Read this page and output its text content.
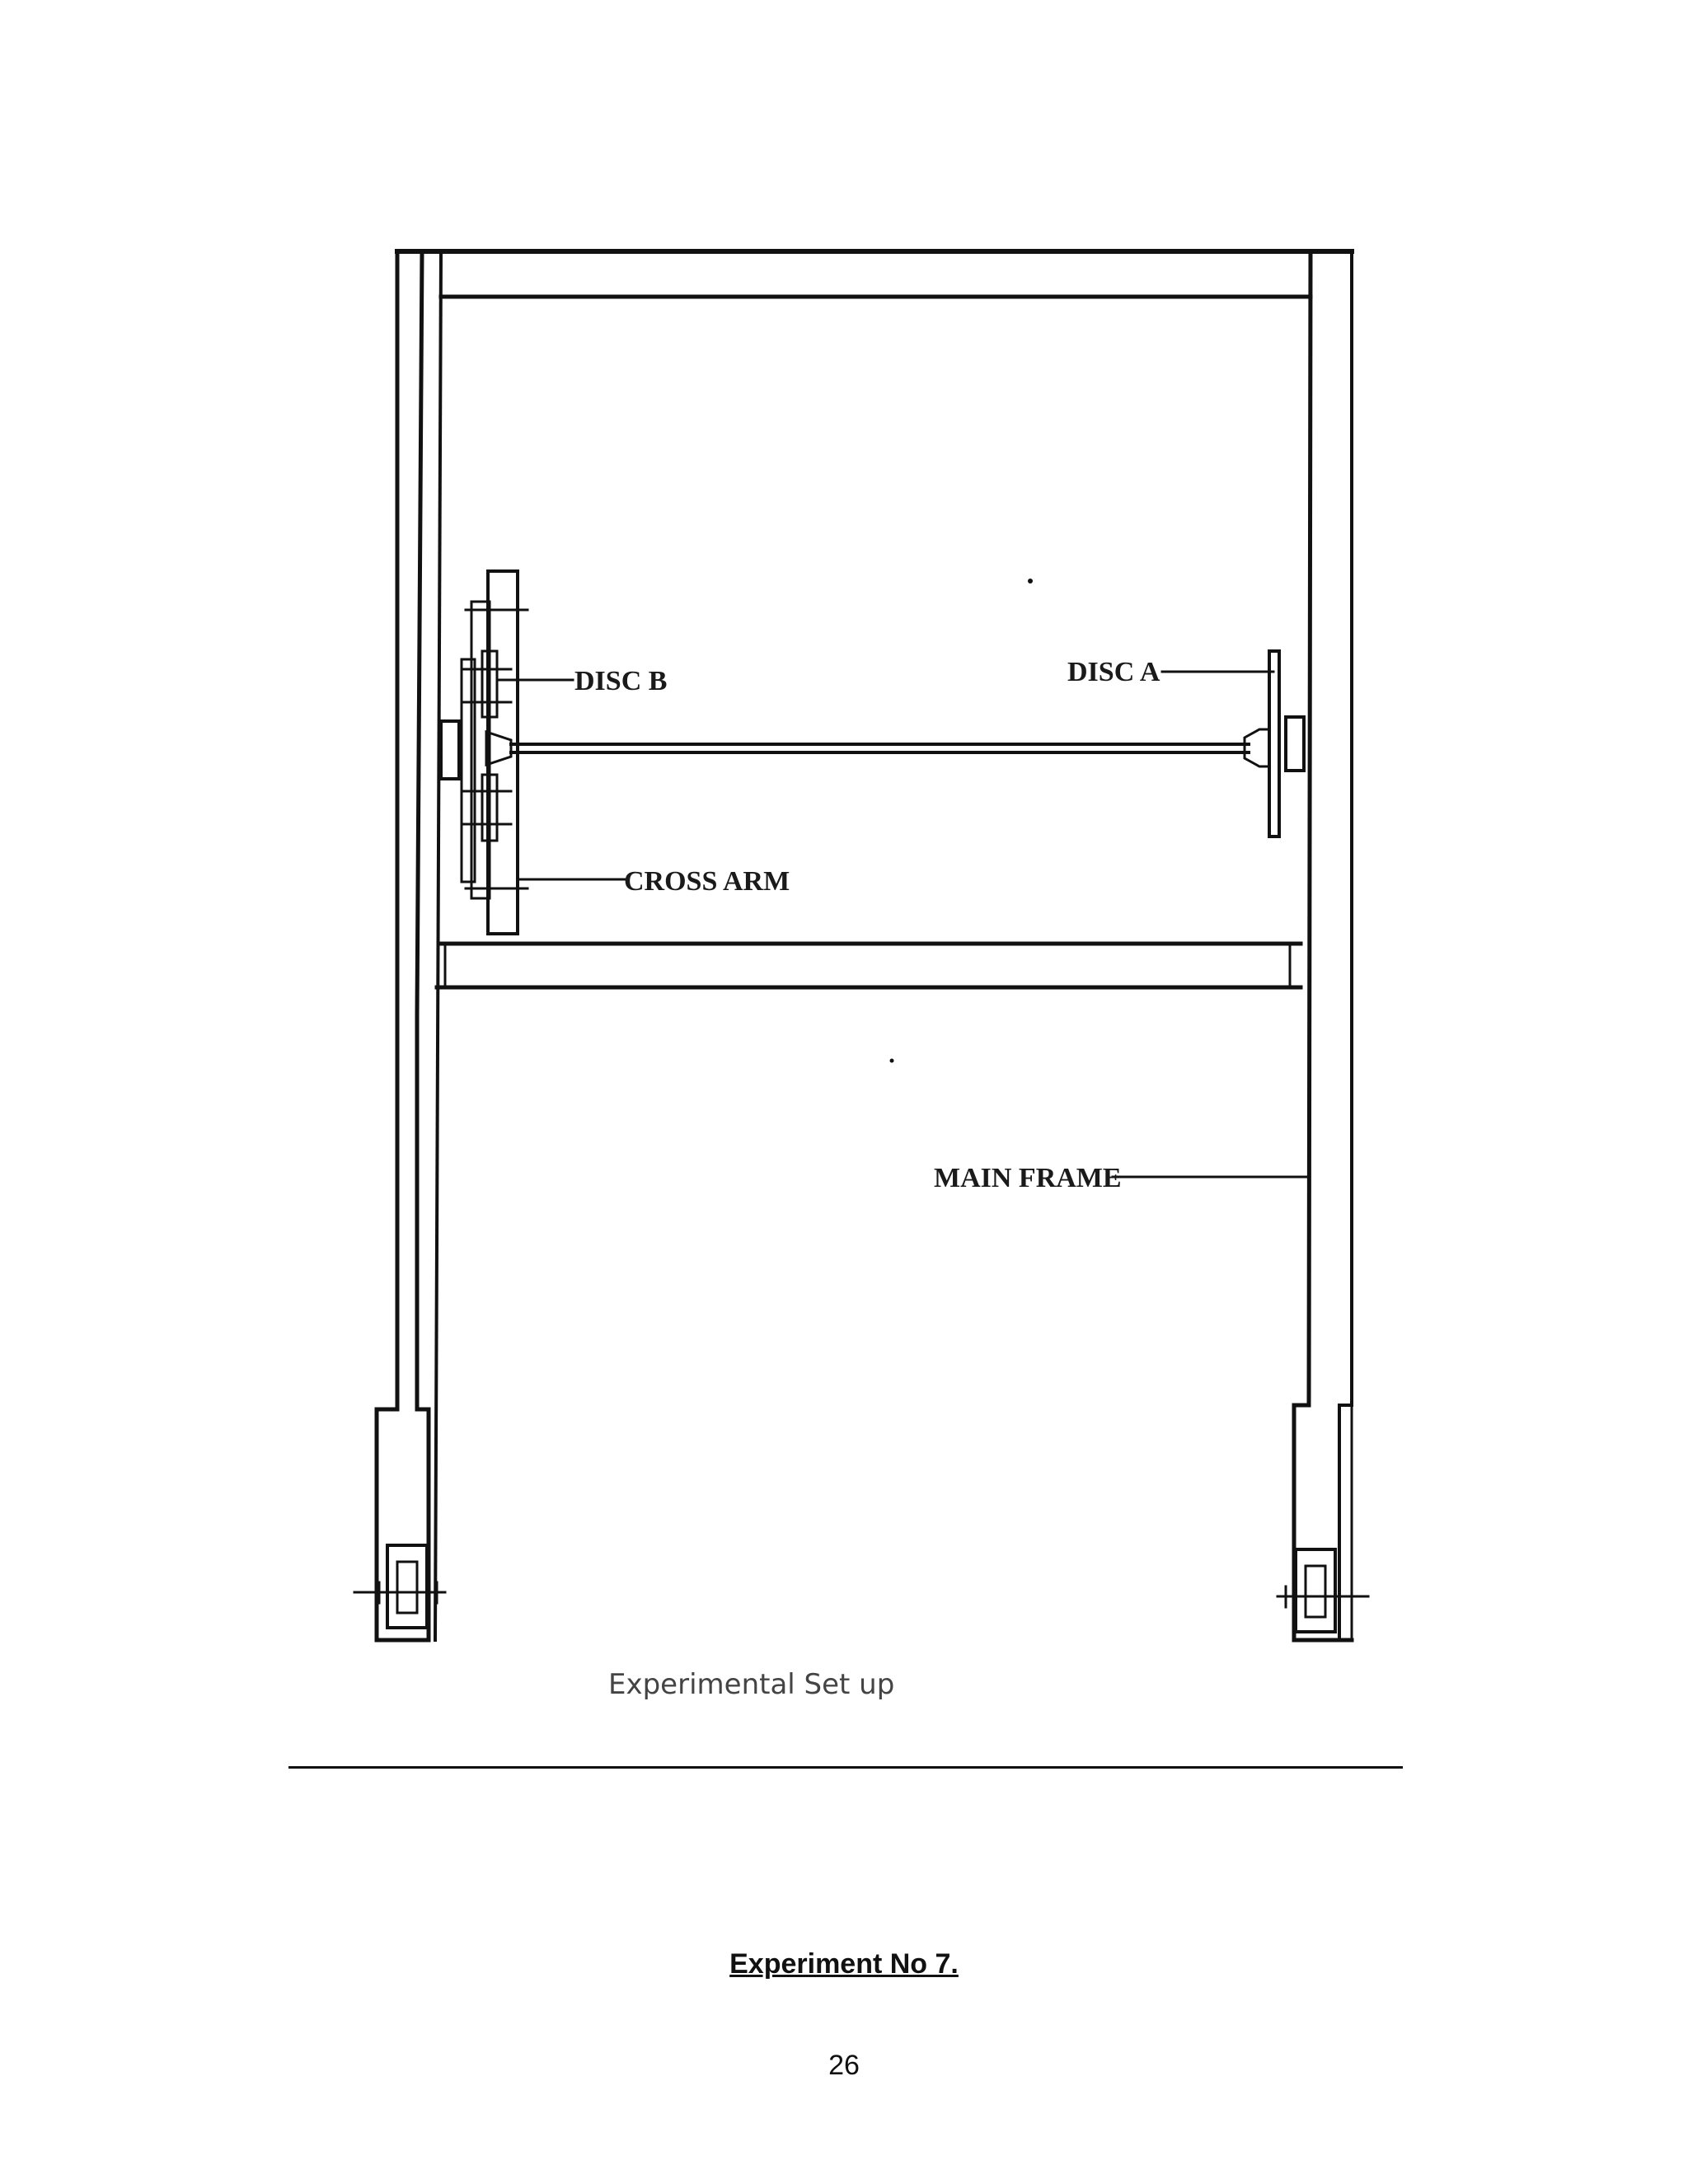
DISC B	DISC A
CROSS ARM
MAIN FRAME
Experimental Set up
Experiment No 7.
26
